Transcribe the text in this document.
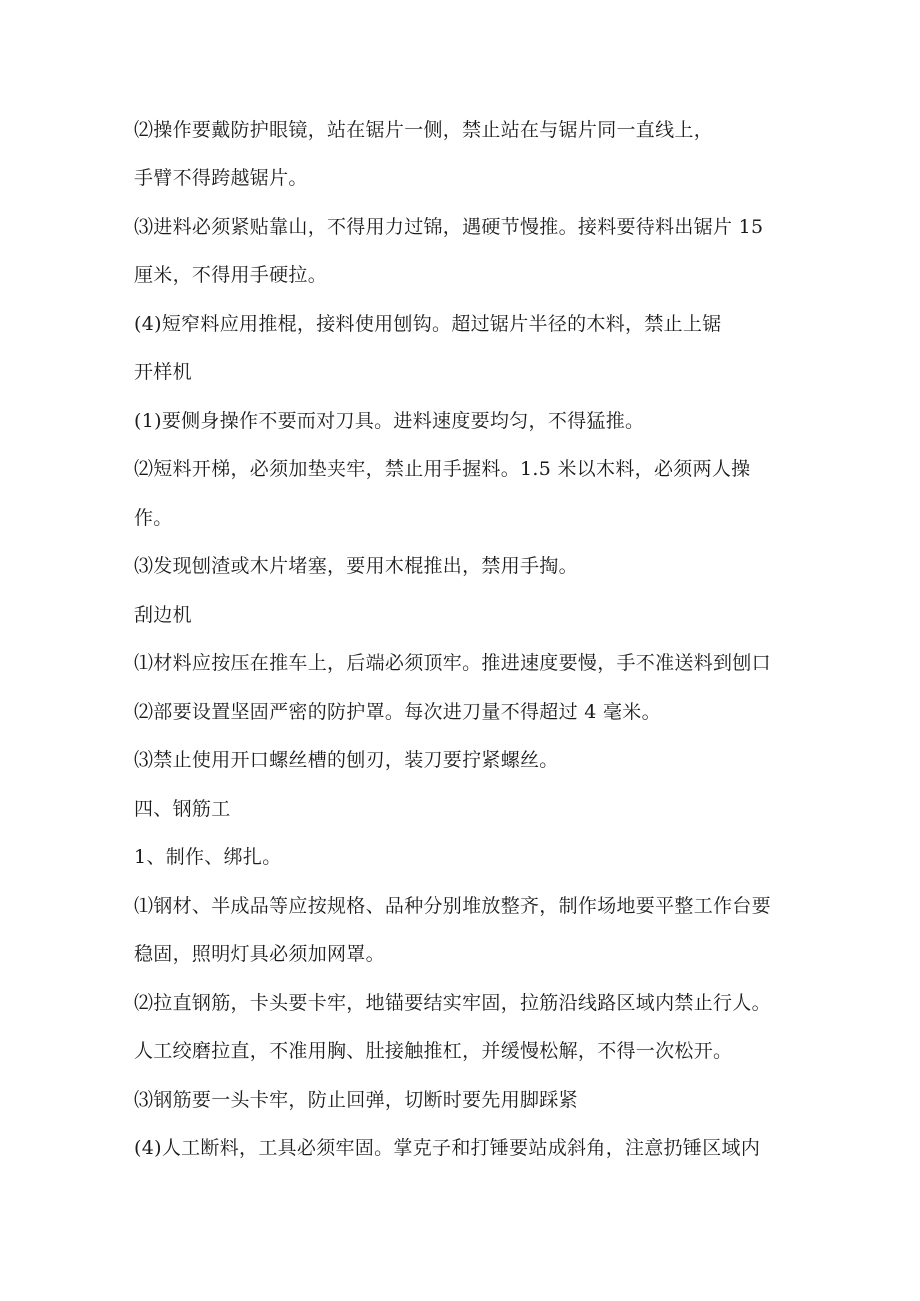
⑵操作要戴防护眼镜，站在锯片一侧，禁止站在与锯片同一直线上，

手臂不得跨越锯片。

⑶进料必须紧贴靠山，不得用力过锦，遇硬节慢推。接料要待料出锯片 15

厘米，不得用手硬拉。

(4)短窄料应用推棍，接料使用刨钩。超过锯片半径的木料，禁止上锯

开样机

(1)要侧身操作不要而对刀具。进料速度要均匀，不得猛推。

⑵短料开梯，必须加垫夹牢，禁止用手握料。1.5 米以木料，必须两人操

作。

⑶发现刨渣或木片堵塞，要用木棍推出，禁用手掏。

刮边机

⑴材料应按压在推车上，后端必须顶牢。推进速度要慢，手不准送料到刨口

⑵部要设置坚固严密的防护罩。每次进刀量不得超过 4 毫米。

⑶禁止使用开口螺丝槽的刨刃，装刀要拧紧螺丝。

四、钢筋工

1、制作、绑扎。

⑴钢材、半成品等应按规格、品种分别堆放整齐，制作场地要平整工作台要

稳固，照明灯具必须加网罩。

⑵拉直钢筋，卡头要卡牢，地锚要结实牢固，拉筋沿线路区域内禁止行人。

人工绞磨拉直，不准用胸、肚接触推杠，并缓慢松解，不得一次松开。

⑶钢筋要一头卡牢，防止回弹，切断时要先用脚踩紧

(4)人工断料，工具必须牢固。掌克子和打锤要站成斜角，注意扔锤区域内
